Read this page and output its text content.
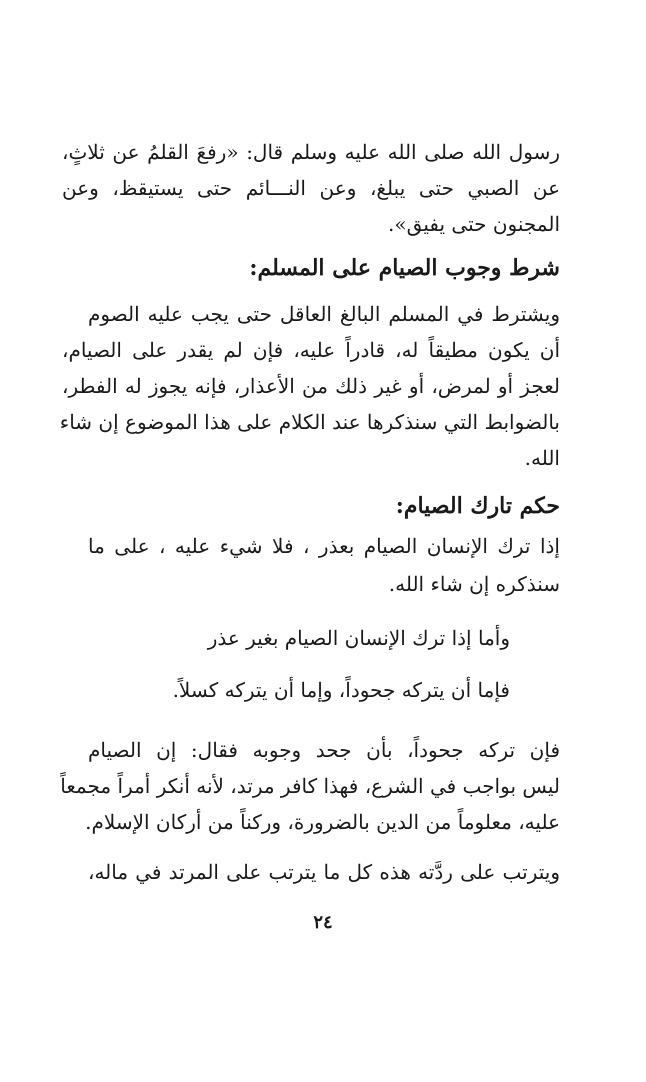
رسول الله صلى الله عليه وسلم قال: «رفعَ القلمُ عن ثلاثٍ،
عن الصبي حتى يبلغ، وعن النـــائم حتى يستيقظ، وعن
المجنون حتى يفيق».
شرط وجوب الصيام على المسلم:
ويشترط في المسلم البالغ العاقل حتى يجب عليه الصوم
أن يكون مطيقاً له، قادراً عليه، فإن لم يقدر على الصيام،
لعجز أو لمرض، أو غير ذلك من الأعذار، فإنه يجوز له الفطر،
بالضوابط التي سنذكرها عند الكلام على هذا الموضوع إن شاء
الله.
حكم تارك الصيام:
إذا ترك الإنسان الصيام بعذر ، فلا شيء عليه ، على ما
سنذكره إن شاء الله.
وأما إذا ترك الإنسان الصيام بغير عذر
فإما أن يتركه جحوداً، وإما أن يتركه كسلاً.
فإن تركه جحوداً، بأن جحد وجوبه فقال: إن الصيام
ليس بواجب في الشرع، فهذا كافر مرتد، لأنه أنكر أمراً مجمعاً
عليه، معلوماً من الدين بالضرورة، وركناً من أركان الإسلام.
ويترتب على ردَّته هذه كل ما يترتب على المرتد في ماله،
٢٤
